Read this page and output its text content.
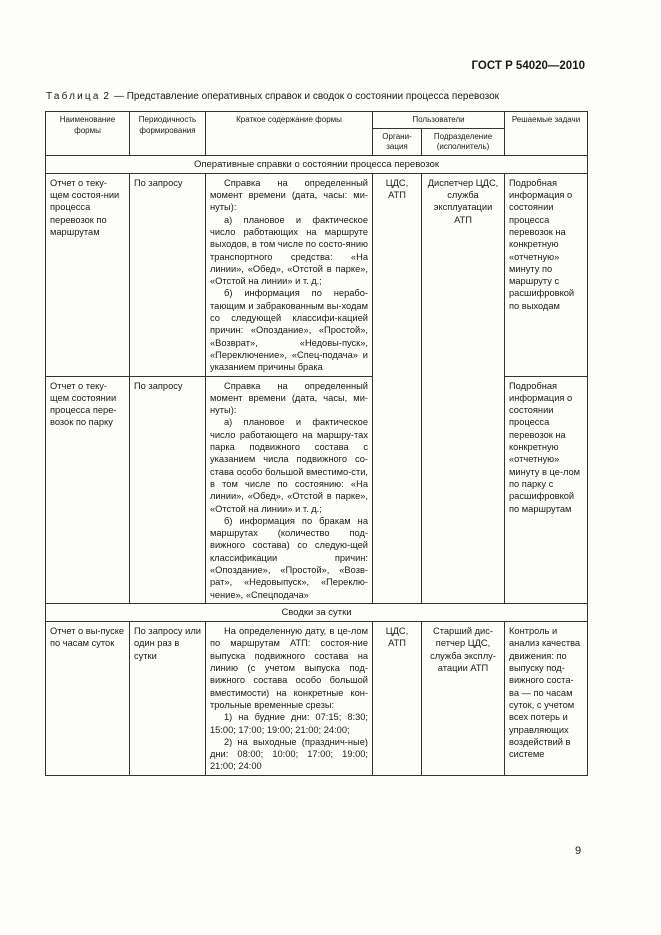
ГОСТ Р 54020—2010
Таблица 2 — Представление оперативных справок и сводок о состоянии процесса перевозок
Наименование формы	Периодичность формирования	Краткое содержание формы	Пользователи		Решаемые задачи
			Органи-зация	Подразделение (исполнитель)	
Оперативные справки о состоянии процесса перевозок					
Отчет о теку-щем состоя-нии процесса перевозок по маршрутам	По запросу	Справка на определенный момент времени (дата, часы: ми-нуты):

а) плановое и фактическое число работающих на маршруте выходов, в том числе по состо-янию транспортного средства: «На линии», «Обед», «Отстой в парке», «Отстой на линии» и т. д.;

б) информация по нерабо-тающим и забракованным вы-ходам со следующей классифи-кацией причин: «Опоздание», «Простой», «Возврат», «Недовы-пуск», «Переключение», «Спец-подача» и указанием причины брака	ЦДС, АТП	Диспетчер ЦДС, служба эксплуатации АТП	Подробная информация о состоянии процесса перевозок на конкретную «отчетную» минуту по маршруту с расшифровкой по выходам
Отчет о теку-щем состоянии процесса пере-возок по парку	По запросу	Справка на определенный момент времени (дата, часы, ми-нуты):

а) плановое и фактическое число работающего на маршру-тах парка подвижного состава с указанием числа подвижного со-става особо большой вместимо-сти, в том числе по состоянию: «На линии», «Обед», «Отстой в парке», «Отстой на линии» и т. д.;

б) информация по бракам на маршрутах (количество под-вижного состава) со следую-щей классификации причин: «Опоздание», «Простой», «Возв-рат», «Недовыпуск», «Переклю-чение», «Спецподача»			Подробная информация о состоянии процесса перевозок на конкретную «отчетную» минуту в це-лом по парку с расшифровкой по маршрутам
Сводки за сутки					
Отчет о вы-пуске по часам суток	По запросу или один раз в сутки	На определенную дату, в це-лом по маршрутам АТП: состоя-ние выпуска подвижного состава на линию (с учетом выпуска под-вижного состава особо большой вместимости) на конкретные кон-трольные временные срезы:

1) на будние дни: 07:15; 8:30; 15:00; 17:00; 19:00; 21:00; 24:00;

2) на выходные (празднич-ные) дни: 08:00; 10:00; 17:00; 19:00; 21:00; 24:00	ЦДС, АТП	Старший дис-петчер ЦДС, служба эксплу-атации АТП	Контроль и анализ качества движения: по выпуску под-вижного соста-ва — по часам суток, с учетом всех потерь и управляющих воздействий в системе
9
